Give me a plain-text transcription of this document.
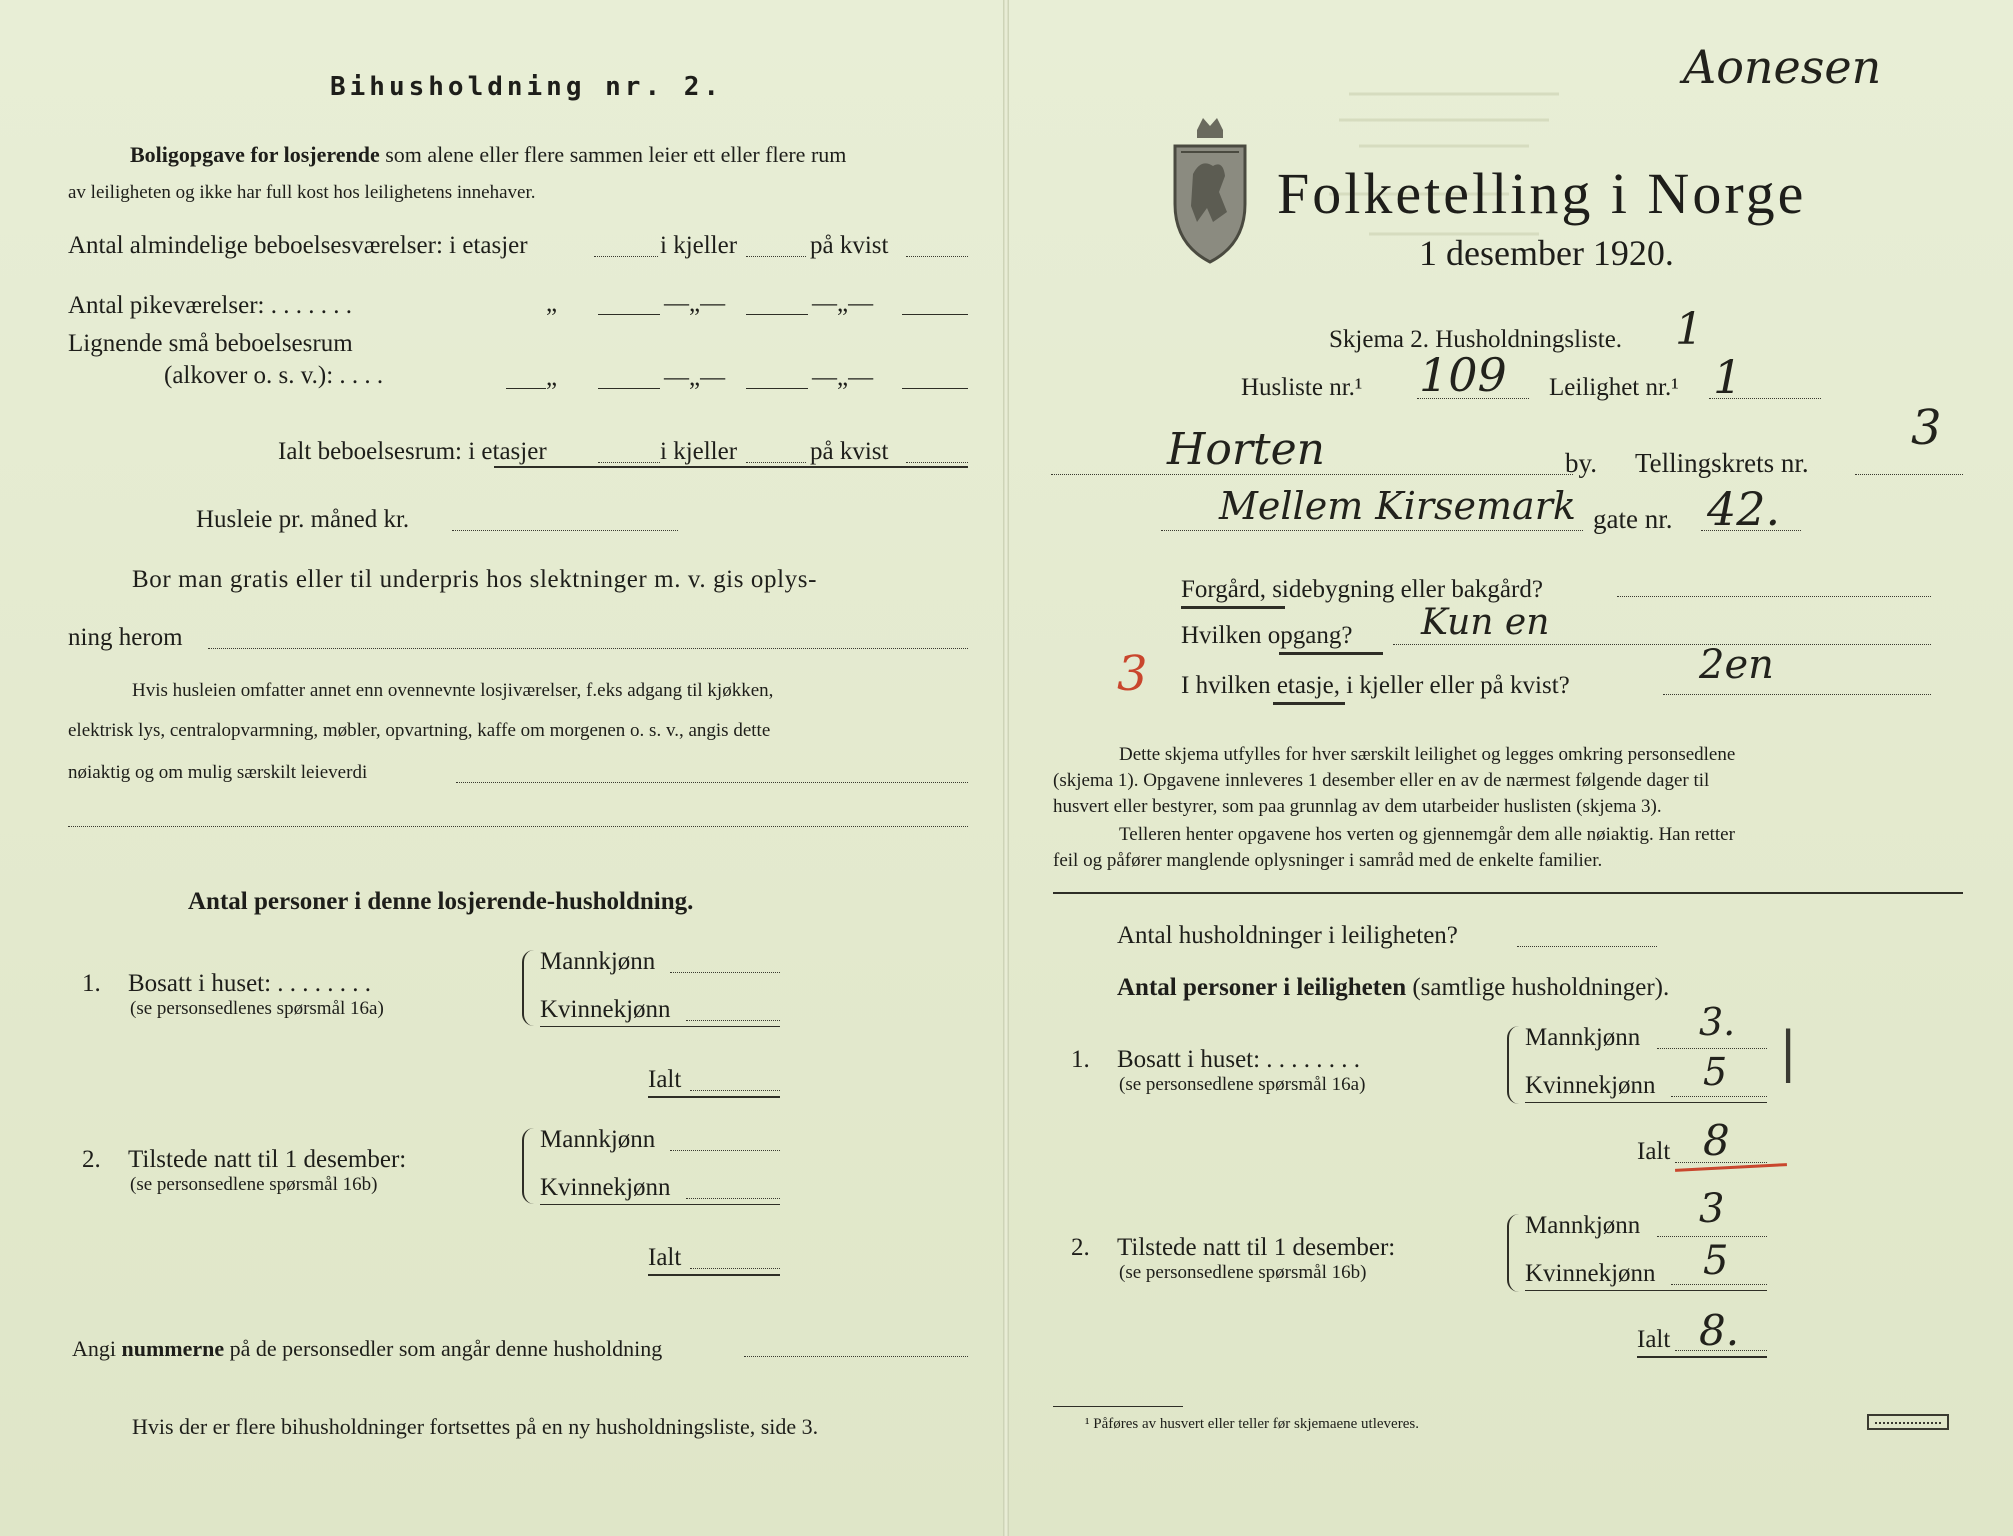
Bihusholdning nr. 2.
Boligopgave for losjerende som alene eller flere sammen leier ett eller flere rum
av leiligheten og ikke har full kost hos leilighetens innehaver.
Antal almindelige beboelsesværelser: i etasjer	i kjeller	på kvist
Antal pikeværelser: . . . . . . .	„	—„—	—„—
Lignende små beboelsesrum
(alkover o. s. v.): . . . .	„	—„—	—„—
Ialt beboelsesrum: i etasjer	i kjeller	på kvist
Husleie pr. måned kr.
Bor man gratis eller til underpris hos slektninger m. v. gis oplys-
ning herom
Hvis husleien omfatter annet enn ovennevnte losjiværelser, f.eks adgang til kjøkken,
elektrisk lys, centralopvarmning, møbler, opvartning, kaffe om morgenen o. s. v., angis dette
nøiaktig og om mulig særskilt leieverdi
Antal personer i denne losjerende-husholdning.
1. Bosatt i huset: . . . . . . . .
(se personsedlenes spørsmål 16a)
Mannkjønn
Kvinnekjønn
Ialt
2. Tilstede natt til 1 desember:
(se personsedlene spørsmål 16b)
Mannkjønn
Kvinnekjønn
Ialt
Angi nummerne på de personsedler som angår denne husholdning
Hvis der er flere bihusholdninger fortsettes på en ny husholdningsliste, side 3.
Aonesen
Folketelling i Norge
1 desember 1920.
Skjema 2. Husholdningsliste. 1
Husliste nr.¹ 109 Leilighet nr.¹ 1
Horten	by. Tellingskrets nr.
3
Mellem Kirsemark gate nr. 42.
Forgård, sidebygning eller bakgård?
Hvilken opgang? Kun en
3 I hvilken etasje, i kjeller eller på kvist?	2en
Dette skjema utfylles for hver særskilt leilighet og legges omkring personsedlene
(skjema 1). Opgavene innleveres 1 desember eller en av de nærmest følgende dager til
husvert eller bestyrer, som paa grunnlag av dem utarbeider huslisten (skjema 3).
Telleren henter opgavene hos verten og gjennemgår dem alle nøiaktig. Han retter
feil og påfører manglende oplysninger i samråd med de enkelte familier.
Antal husholdninger i leiligheten?
Antal personer i leiligheten (samtlige husholdninger).
1. Bosatt i huset: . . . . . . . .
(se personsedlene spørsmål 16a)
Mannkjønn 3.
Kvinnekjønn 5 |
Ialt 8
2. Tilstede natt til 1 desember:
(se personsedlene spørsmål 16b)
Mannkjønn 3
Kvinnekjønn 5
Ialt 8.
¹ Påføres av husvert eller teller før skjemaene utleveres.
